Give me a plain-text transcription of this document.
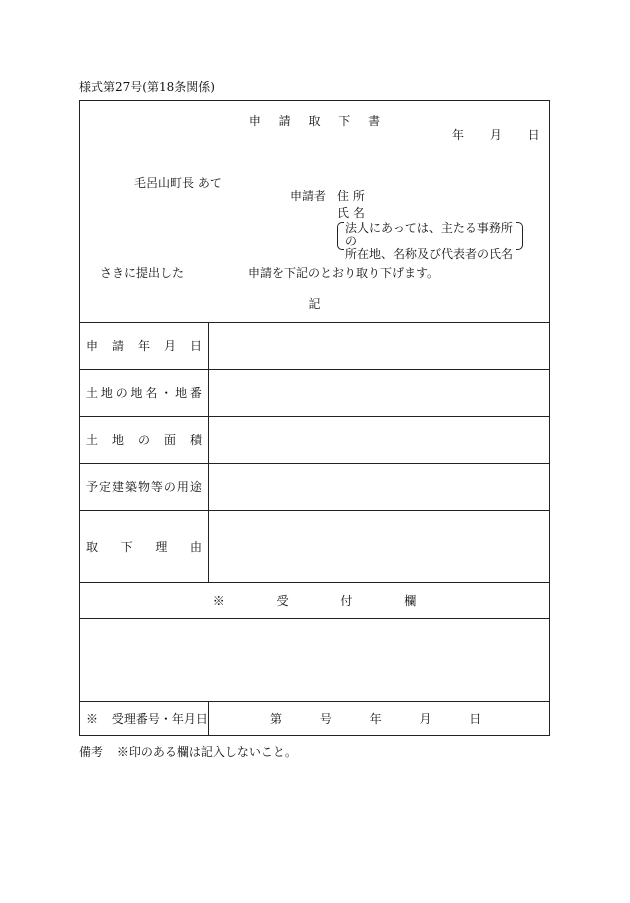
様式第27号(第18条関係)
申 請 取 下 書
年 月 日
毛呂山町長 あて
申請者 住 所
氏 名
法人にあっては、主たる事務所の
所在地、名称及び代表者の氏名
さきに提出した	申請を下記のとおり取り下げます。
記
申 請 年 月 日
土 地 の 地 名 ・ 地 番
土 地 の 面 積
予 定 建 築 物 等 の 用 途
取 下 理 由
※ 受 付 欄
※ 受理番号・年月日	第 号 年 月 日
備考 ※印のある欄は記入しないこと。
